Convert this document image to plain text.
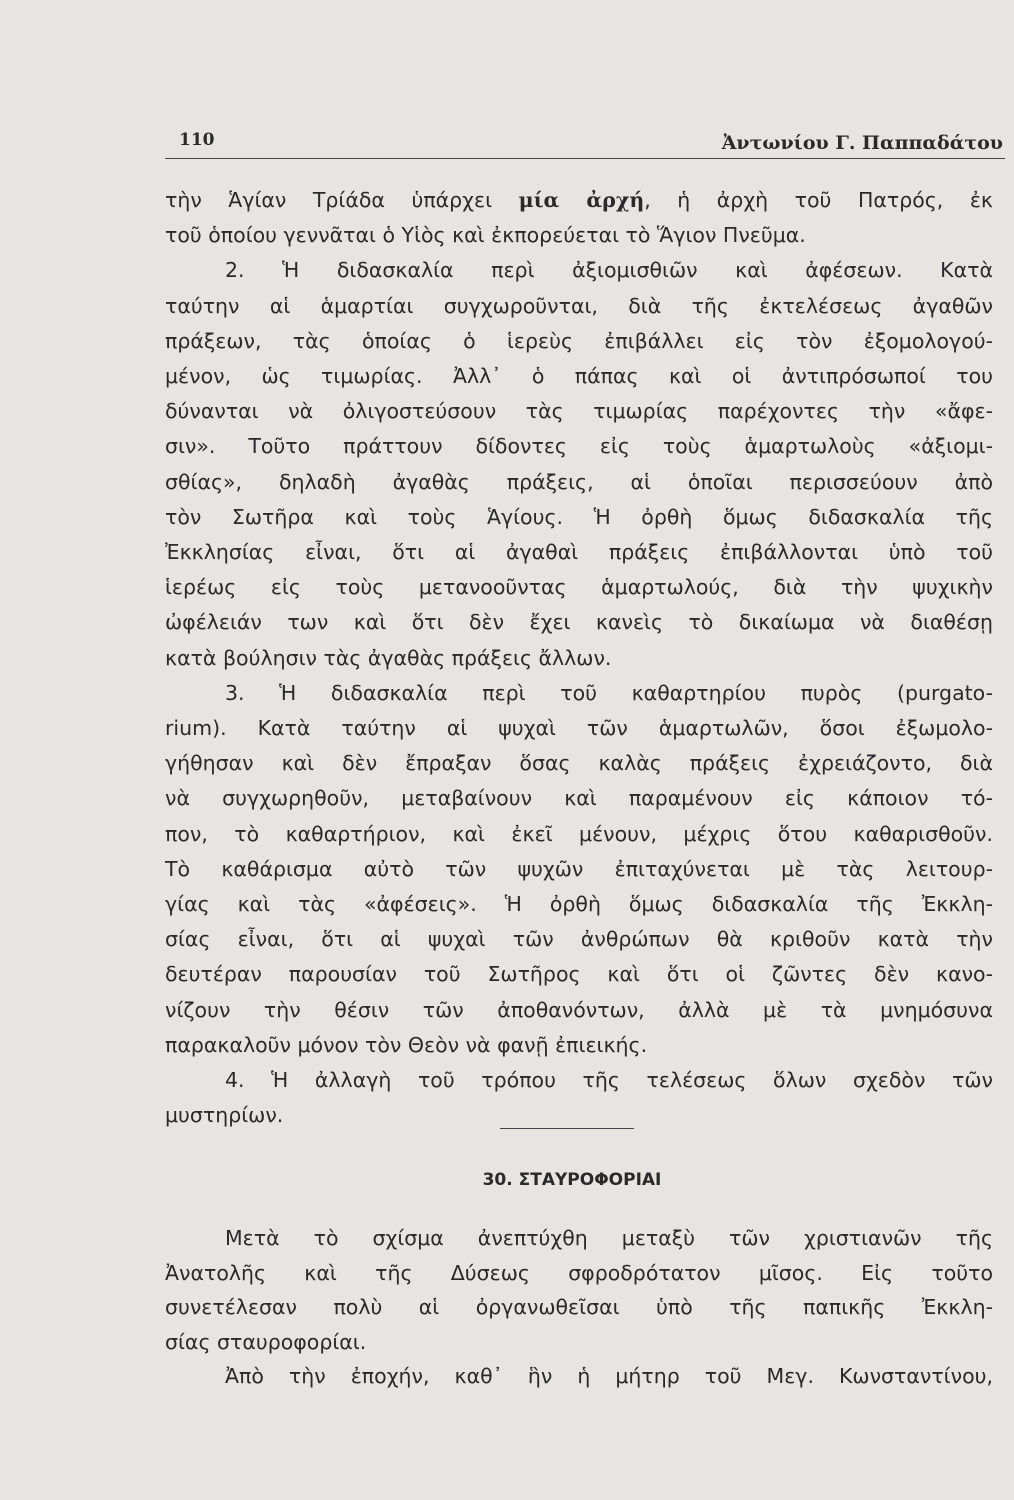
110	Ἀντωνίου Γ. Παππαδάτου
τὴν Ἁγίαν Τρίάδα ὑπάρχει μία ἀρχή, ἡ ἀρχὴ τοῦ Πατρός, ἐκ
τοῦ ὁποίου γεννᾶται ὁ Υἱὸς καὶ ἐκπορεύεται τὸ Ἅγιον Πνεῦμα.
2. Ἡ διδασκαλία περὶ ἀξιομισθιῶν καὶ ἀφέσεων. Κατὰ
ταύτην αἱ ἁμαρτίαι συγχωροῦνται, διὰ τῆς ἐκτελέσεως ἀγαθῶν
πράξεων, τὰς ὁποίας ὁ ἱερεὺς ἐπιβάλλει εἰς τὸν ἐξομολογού-
μένον, ὡς τιμωρίας. Ἀλλ᾿ ὁ πάπας καὶ οἱ ἀντιπρόσωποί του
δύνανται νὰ ὀλιγοστεύσουν τὰς τιμωρίας παρέχοντες τὴν «ἄφε-
σιν». Τοῦτο πράττουν δίδοντες εἰς τοὺς ἁμαρτωλοὺς «ἀξιομι-
σθίας», δηλαδὴ ἀγαθὰς πράξεις, αἱ ὁποῖαι περισσεύουν ἀπὸ
τὸν Σωτῆρα καὶ τοὺς Ἁγίους. Ἡ ὀρθὴ ὅμως διδασκαλία τῆς
Ἐκκλησίας εἶναι, ὅτι αἱ ἀγαθαὶ πράξεις ἐπιβάλλονται ὑπὸ τοῦ
ἱερέως εἰς τοὺς μετανοοῦντας ἁμαρτωλούς, διὰ τὴν ψυχικὴν
ὠφέλειάν των καὶ ὅτι δὲν ἔχει κανεὶς τὸ δικαίωμα νὰ διαθέσῃ
κατὰ βούλησιν τὰς ἀγαθὰς πράξεις ἄλλων.
3. Ἡ διδασκαλία περὶ τοῦ καθαρτηρίου πυρὸς (purgato-
rium). Κατὰ ταύτην αἱ ψυχαὶ τῶν ἁμαρτωλῶν, ὅσοι ἐξωμολο-
γήθησαν καὶ δὲν ἔπραξαν ὅσας καλὰς πράξεις ἐχρειάζοντο, διὰ
νὰ συγχωρηθοῦν, μεταβαίνουν καὶ παραμένουν εἰς κάποιον τό-
πον, τὸ καθαρτήριον, καὶ ἐκεῖ μένουν, μέχρις ὅτου καθαρισθοῦν.
Τὸ καθάρισμα αὐτὸ τῶν ψυχῶν ἐπιταχύνεται μὲ τὰς λειτουρ-
γίας καὶ τὰς «ἀφέσεις». Ἡ ὀρθὴ ὅμως διδασκαλία τῆς Ἐκκλη-
σίας εἶναι, ὅτι αἱ ψυχαὶ τῶν ἀνθρώπων θὰ κριθοῦν κατὰ τὴν
δευτέραν παρουσίαν τοῦ Σωτῆρος καὶ ὅτι οἱ ζῶντες δὲν κανο-
νίζουν τὴν θέσιν τῶν ἀποθανόντων, ἀλλὰ μὲ τὰ μνημόσυνα
παρακαλοῦν μόνον τὸν Θεὸν νὰ φανῇ ἐπιεικής.
4. Ἡ ἀλλαγὴ τοῦ τρόπου τῆς τελέσεως ὅλων σχεδὸν τῶν
μυστηρίων.
30. ΣΤΑΥΡΟΦΟΡΙΑΙ
Μετὰ τὸ σχίσμα ἀνεπτύχθη μεταξὺ τῶν χριστιανῶν τῆς
Ἀνατολῆς καὶ τῆς Δύσεως σφροδρότατον μῖσος. Εἰς τοῦτο
συνετέλεσαν πολὺ αἱ ὀργανωθεῖσαι ὑπὸ τῆς παπικῆς Ἐκκλη-
σίας σταυροφορίαι.
Ἀπὸ τὴν ἐποχήν, καθ᾿ ἣν ἡ μήτηρ τοῦ Μεγ. Κωνσταντίνου,
